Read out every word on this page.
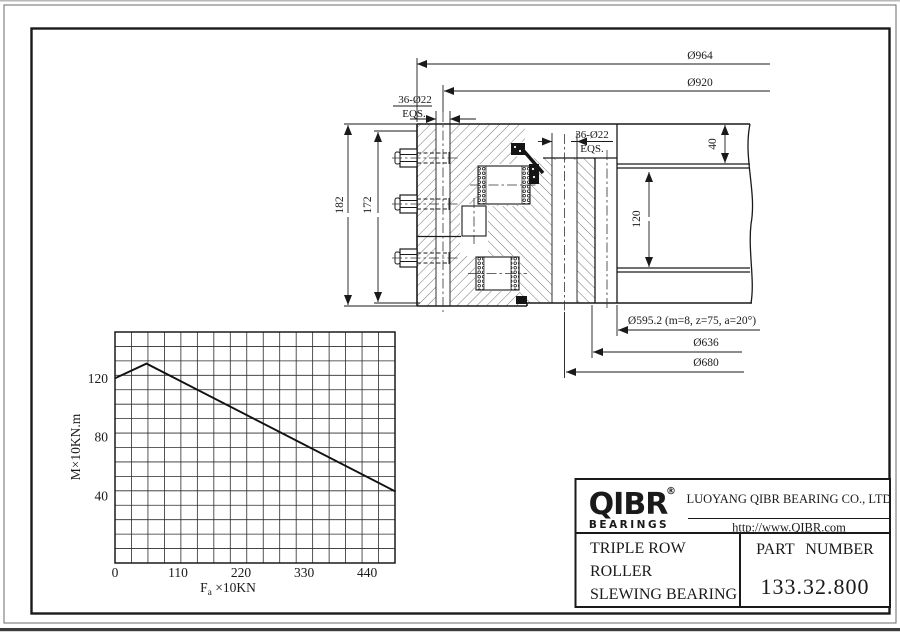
Ø964
Ø920
36-Ø22
EQS.
36-Ø22
EQS.
182 172
40
120
Ø595.2 (m=8, z=75, a=20°)
Ø636
Ø680
0	110	220	330	440
40
80
120
M×10KN.m
$F_a \times 10KN$
QIBR
®
BEARINGS
LUOYANG QIBR BEARING CO., LTD
http://www.QIBR.com
TRIPLE ROW
ROLLER
SLEWING BEARING
PART NUMBER
133.32.800
